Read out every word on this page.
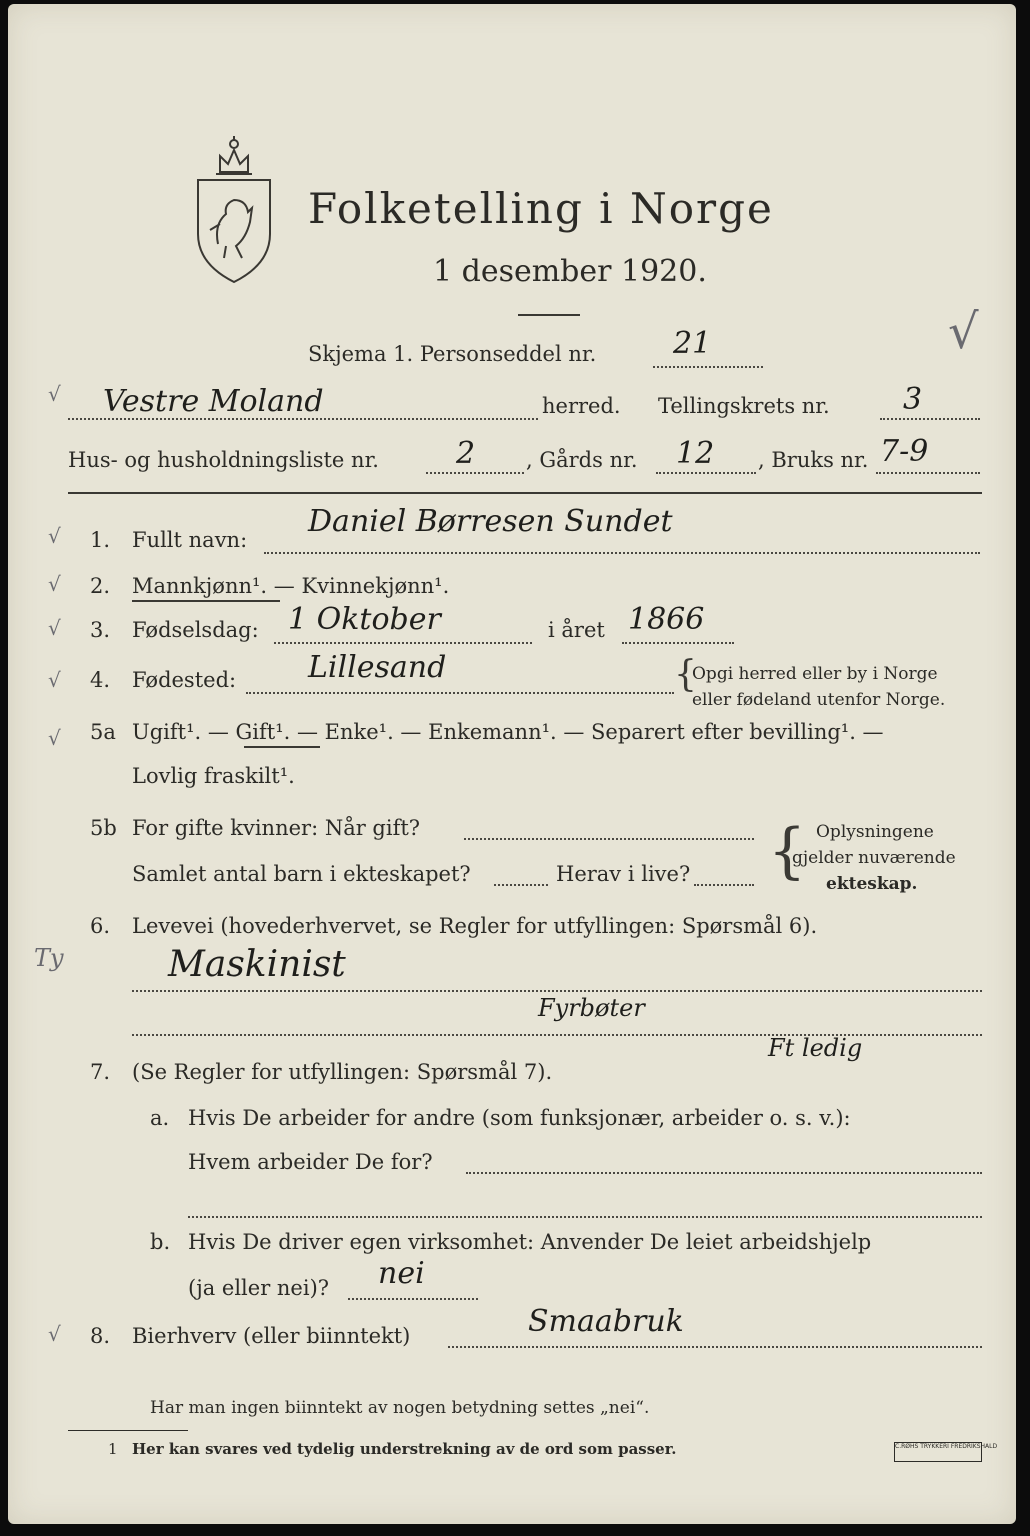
Folketelling i Norge
1 desember 1920.
Skjema 1. Personseddel nr.	21	√
Vestre Moland	herred. Tellingskrets nr. 3
√
Hus- og husholdningsliste nr.	2 , Gårds nr. 12 , Bruks nr. 7-9
1. Fullt navn:
Daniel Børresen Sundet
√
2. Mannkjønn¹. — Kvinnekjønn¹.
√
3. Fødselsdag: 1 Oktober	i året 1866
√
4. Fødested: Lillesand	{
Opgi herred eller by i Norge
eller fødeland utenfor Norge.
√
5a Ugift¹. — Gift¹. — Enke¹. — Enkemann¹. — Separert efter bevilling¹. —
Lovlig fraskilt¹.
√
5b For gifte kvinner: Når gift?
Samlet antal barn i ekteskapet?	Herav i live? { Oplysningene
gjelder nuværende
ekteskap.
6. Levevei (hovederhvervet, se Regler for utfyllingen: Spørsmål 6).
Maskinist
Fyrbøter
Ft ledig
Ty
7. (Se Regler for utfyllingen: Spørsmål 7).
a. Hvis De arbeider for andre (som funksjonær, arbeider o. s. v.):
Hvem arbeider De for?
b. Hvis De driver egen virksomhet: Anvender De leiet arbeidshjelp
(ja eller nei)? nei
8. Bierhverv (eller biinntekt)	Smaabruk
√
Har man ingen biinntekt av nogen betydning settes „nei“.
1 Her kan svares ved tydelig understrekning av de ord som passer.	C.RØHS TRYKKERI FREDRIKSHALD
